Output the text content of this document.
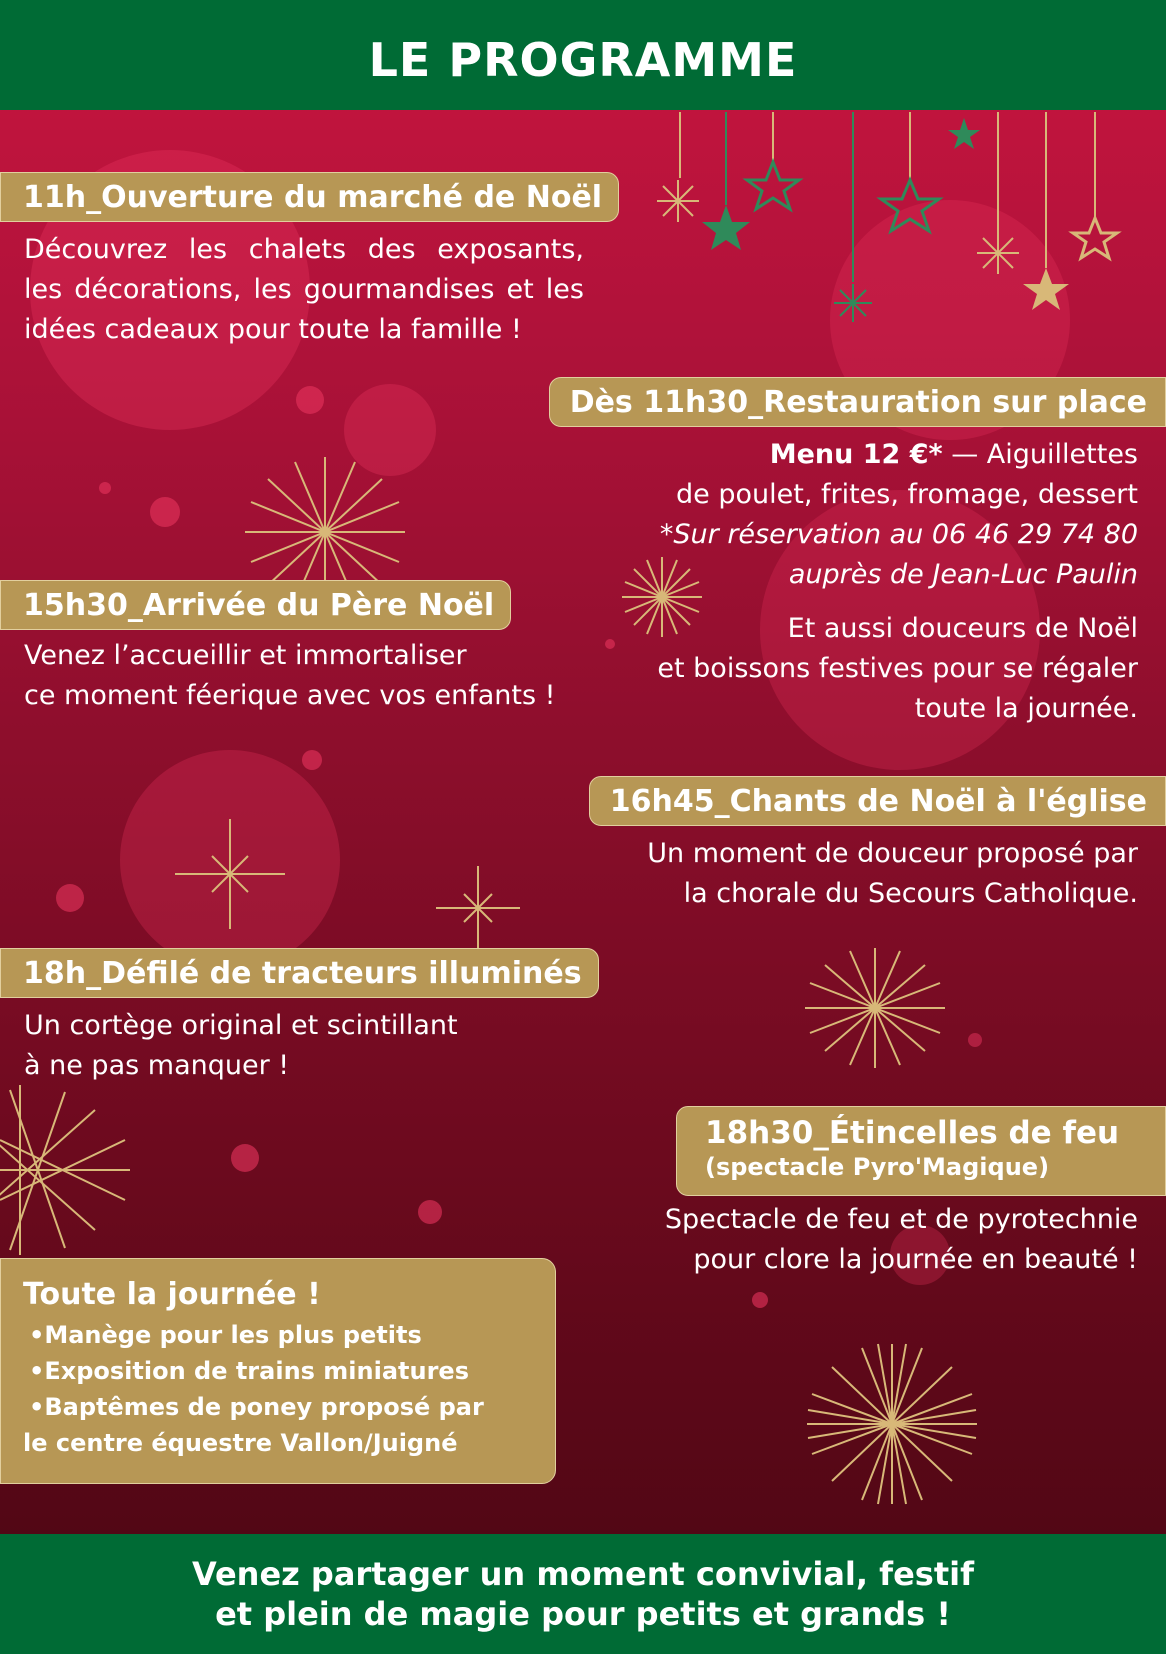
LE PROGRAMME
11h_Ouverture du marché de Noël
Découvrez les chalets des exposants,
les décorations, les gourmandises et les
idées cadeaux pour toute la famille !
Dès 11h30_Restauration sur place
Menu 12 €* — Aiguillettes
de poulet, frites, fromage, dessert
*Sur réservation au 06 46 29 74 80
auprès de Jean-Luc Paulin
Et aussi douceurs de Noël
et boissons festives pour se régaler
toute la journée.
15h30_Arrivée du Père Noël
Venez l’accueillir et immortaliser
ce moment féerique avec vos enfants !
16h45_Chants de Noël à l'église
Un moment de douceur proposé par
la chorale du Secours Catholique.
18h_Défilé de tracteurs illuminés
Un cortège original et scintillant
à ne pas manquer !
18h30_Étincelles de feu
(spectacle Pyro'Magique)
Spectacle de feu et de pyrotechnie
pour clore la journée en beauté !
Toute la journée !
•Manège pour les plus petits
•Exposition de trains miniatures
•Baptêmes de poney proposé par
le centre équestre Vallon/Juigné
Venez partager un moment convivial, festif
et plein de magie pour petits et grands !
